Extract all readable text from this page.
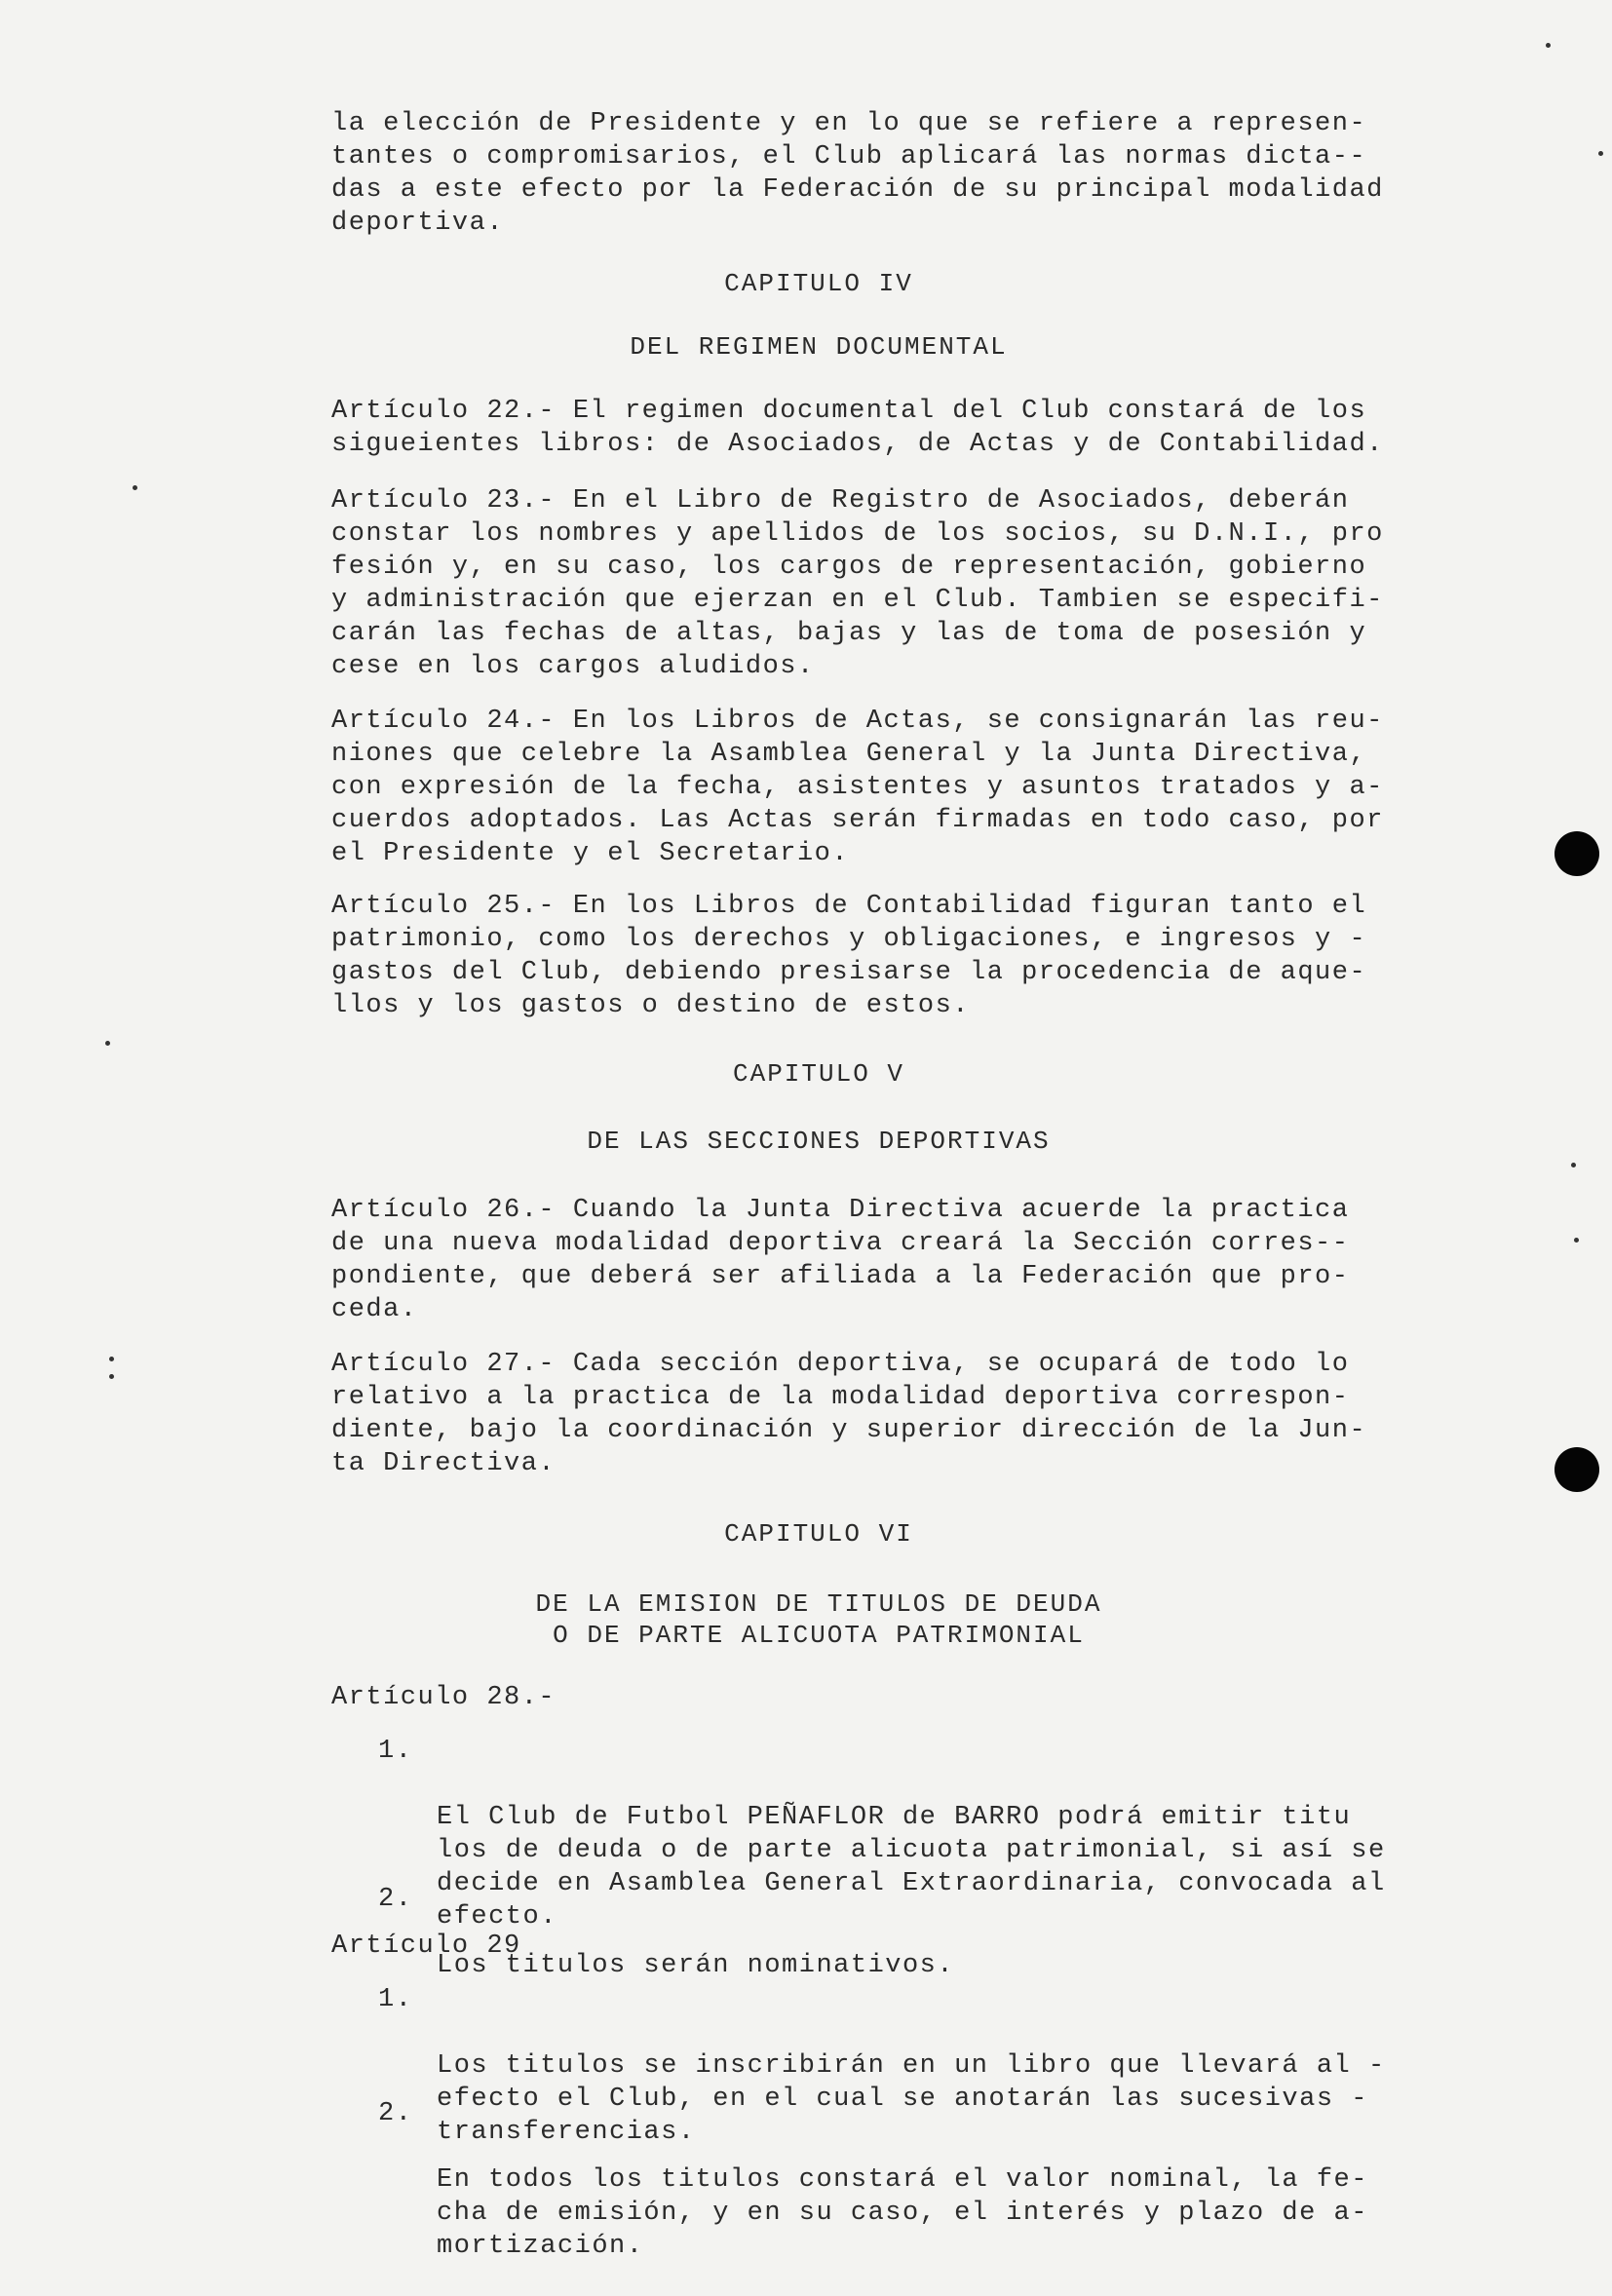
la elección de Presidente y en lo que se refiere a represen-
tantes o compromisarios, el Club aplicará las normas dicta--
das a este efecto por la Federación de su principal modalidad
deportiva.
CAPITULO IV
DEL REGIMEN DOCUMENTAL
Artículo 22.- El regimen documental del Club constará de los
sigueientes libros: de Asociados, de Actas y de Contabilidad.
Artículo 23.- En el Libro de Registro de Asociados, deberán
constar los nombres y apellidos de los socios, su D.N.I., pro
fesión y, en su caso, los cargos de representación, gobierno
y administración que ejerzan en el Club. Tambien se especifi-
carán las fechas de altas, bajas y las de toma de posesión y
cese en los cargos aludidos.
Artículo 24.- En los Libros de Actas, se consignarán las reu-
niones que celebre la Asamblea General y la Junta Directiva,
con expresión de la fecha, asistentes y asuntos tratados y a-
cuerdos adoptados. Las Actas serán firmadas en todo caso, por
el Presidente y el Secretario.
Artículo 25.- En los Libros de Contabilidad figuran tanto el
patrimonio, como los derechos y obligaciones, e ingresos y -
gastos del Club, debiendo presisarse la procedencia de aque-
llos y los gastos o destino de estos.
CAPITULO V
DE LAS SECCIONES DEPORTIVAS
Artículo 26.- Cuando la Junta Directiva acuerde la practica
de una nueva modalidad deportiva creará la Sección corres--
pondiente, que deberá ser afiliada a la Federación que pro-
ceda.
Artículo 27.- Cada sección deportiva, se ocupará de todo lo
relativo a la practica de la modalidad deportiva correspon-
diente, bajo la coordinación y superior dirección de la Jun-
ta Directiva.
CAPITULO VI
DE LA EMISION DE TITULOS DE DEUDA
O DE PARTE ALICUOTA PATRIMONIAL
Artículo 28.-

1.

El Club de Futbol PEÑAFLOR de BARRO podrá emitir titu
los de deuda o de parte alicuota patrimonial, si así se
decide en Asamblea General Extraordinaria, convocada al
efecto.

2.

Los titulos serán nominativos.

Artículo 29

1.

Los titulos se inscribirán en un libro que llevará al -
efecto el Club, en el cual se anotarán las sucesivas -
transferencias.

2.

En todos los titulos constará el valor nominal, la fe-
cha de emisión, y en su caso, el interés y plazo de a-
mortización.
